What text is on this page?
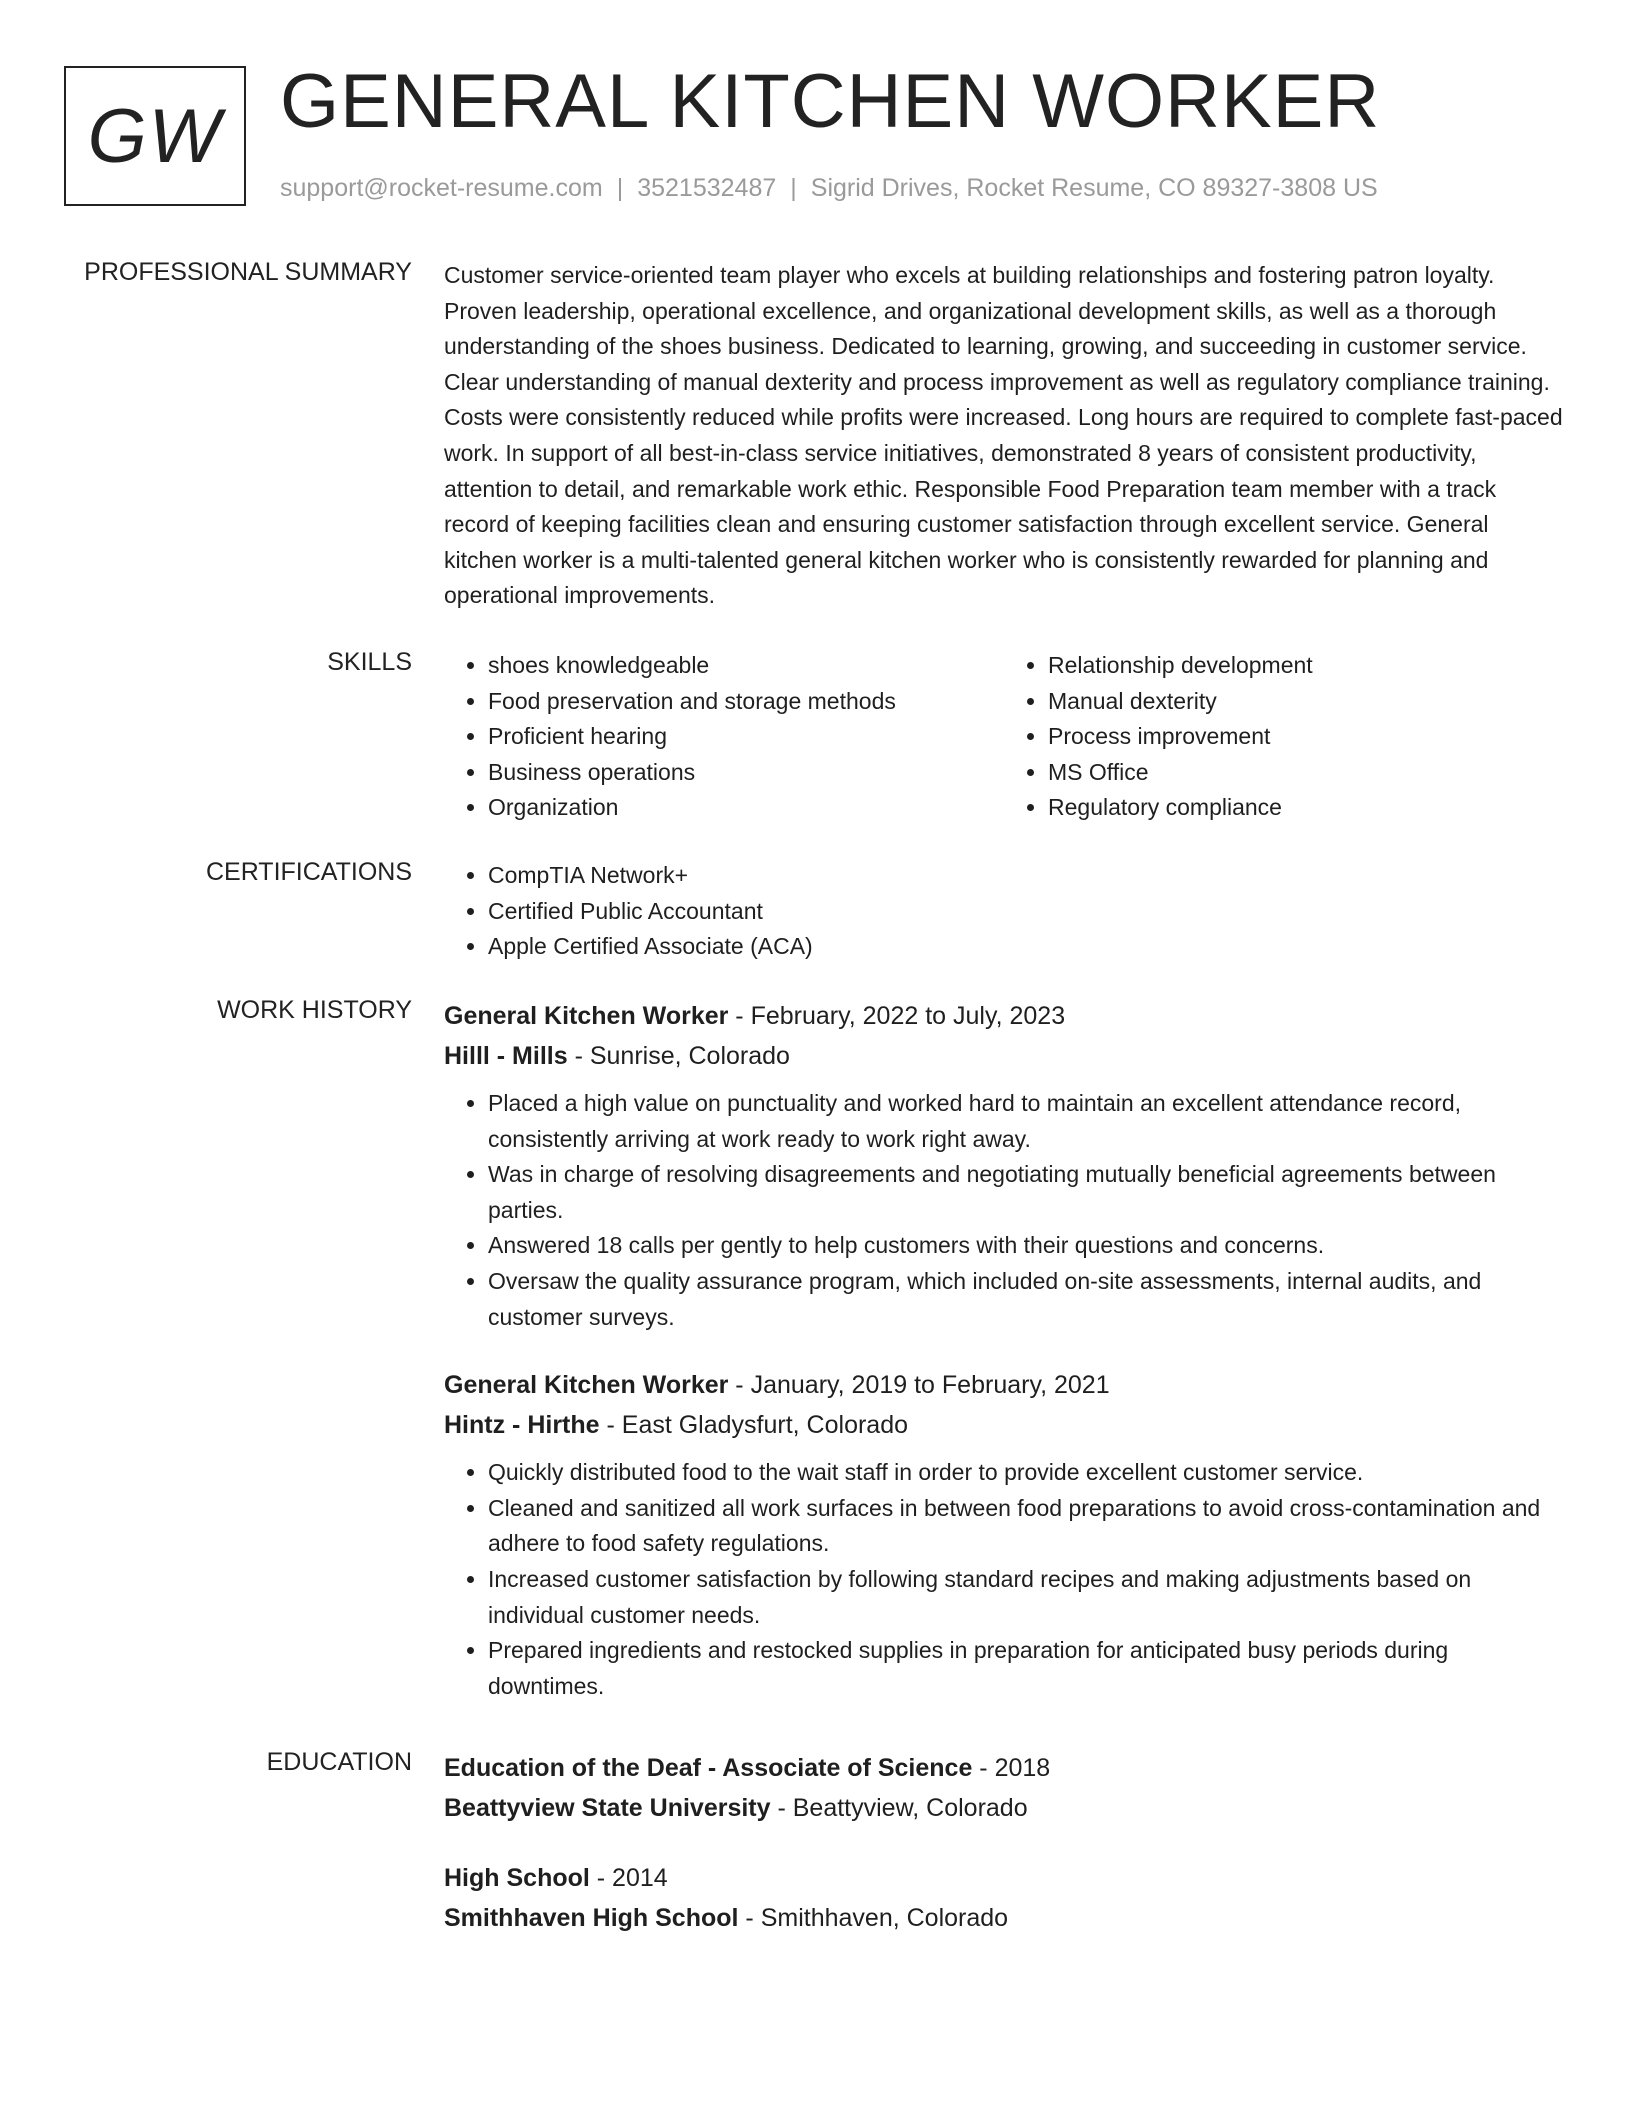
GW GENERAL KITCHEN WORKER
support@rocket-resume.com | 3521532487 | Sigrid Drives, Rocket Resume, CO 89327-3808 US
PROFESSIONAL SUMMARY Customer service-oriented team player who excels at building relationships and fostering patron loyalty. Proven leadership, operational excellence, and organizational development skills, as well as a thorough understanding of the shoes business. Dedicated to learning, growing, and succeeding in customer service. Clear understanding of manual dexterity and process improvement as well as regulatory compliance training. Costs were consistently reduced while profits were increased. Long hours are required to complete fast-paced work. In support of all best-in-class service initiatives, demonstrated 8 years of consistent productivity, attention to detail, and remarkable work ethic. Responsible Food Preparation team member with a track record of keeping facilities clean and ensuring customer satisfaction through excellent service. General kitchen worker is a multi-talented general kitchen worker who is consistently rewarded for planning and operational improvements.

SKILLS	• shoes knowledgeable
• Food preservation and storage methods
• Proficient hearing
• Business operations
• Organization
• Relationship development
• Manual dexterity
• Process improvement
• MS Office
• Regulatory compliance
CERTIFICATIONS	• CompTIA Network+
• Certified Public Accountant
• Apple Certified Associate (ACA)
WORK HISTORY General Kitchen Worker - February, 2022 to July, 2023
Hilll - Mills - Sunrise, Colorado
• Placed a high value on punctuality and worked hard to maintain an excellent attendance record, consistently arriving at work ready to work right away.
• Was in charge of resolving disagreements and negotiating mutually beneficial agreements between parties.
• Answered 18 calls per gently to help customers with their questions and concerns.
• Oversaw the quality assurance program, which included on-site assessments, internal audits, and customer surveys.
General Kitchen Worker - January, 2019 to February, 2021
Hintz - Hirthe - East Gladysfurt, Colorado
• Quickly distributed food to the wait staff in order to provide excellent customer service.
• Cleaned and sanitized all work surfaces in between food preparations to avoid cross-contamination and adhere to food safety regulations.
• Increased customer satisfaction by following standard recipes and making adjustments based on individual customer needs.
• Prepared ingredients and restocked supplies in preparation for anticipated busy periods during downtimes.
EDUCATION Education of the Deaf - Associate of Science - 2018
Beattyview State University - Beattyview, Colorado
High School - 2014
Smithhaven High School - Smithhaven, Colorado
